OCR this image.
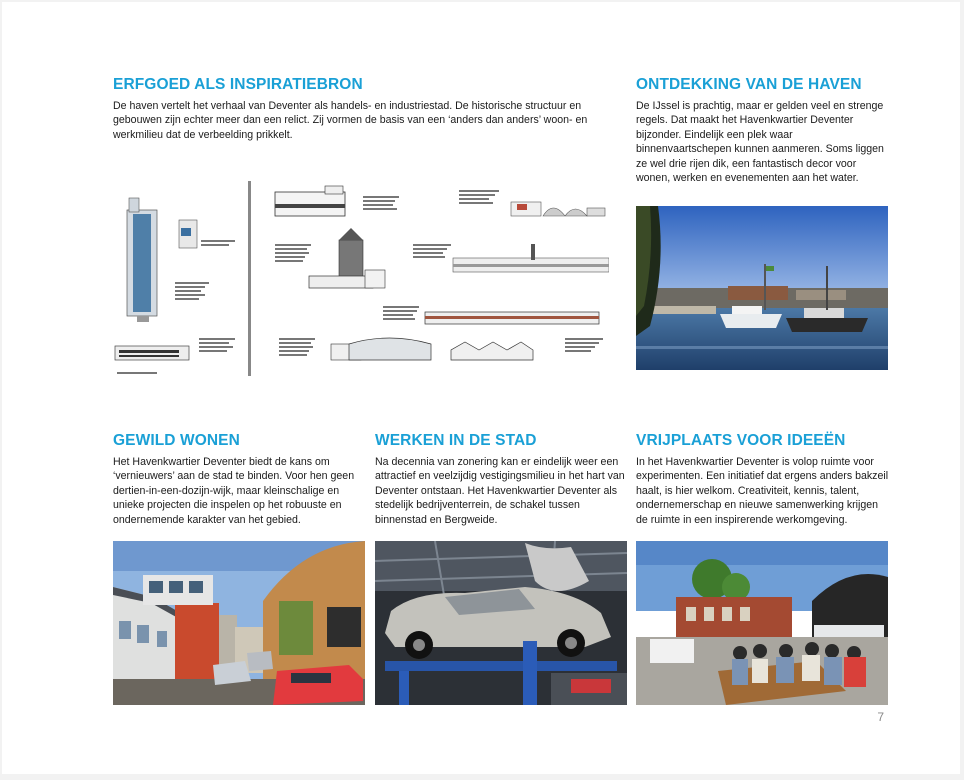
ERFGOED ALS INSPIRATIEBRON

De haven vertelt het verhaal van Deventer als handels- en industriestad. De historische structuur en gebouwen zijn echter meer dan een relict. Zij vormen de basis van een ‘anders dan anders’ woon- en werkmilieu dat de verbeelding prikkelt.

ONTDEKKING VAN DE HAVEN

De IJssel is prachtig, maar er gelden veel en strenge regels. Dat maakt het Havenkwartier Deventer bijzonder. Eindelijk een plek waar binnenvaartschepen kunnen aanmeren. Soms liggen ze wel drie rijen dik, een fantastisch decor voor wonen, werken en evenementen aan het water.

GEWILD WONEN

Het Havenkwartier Deventer biedt de kans om ‘vernieuwers’ aan de stad te binden. Voor hen geen dertien-in-een-dozijn-wijk, maar kleinschalige en unieke projecten die inspelen op het robuuste en ondernemende karakter van het gebied.

WERKEN IN DE STAD

Na decennia van zonering kan er eindelijk weer een attractief en veelzijdig vestigingsmilieu in het hart van Deventer ontstaan. Het Havenkwartier Deventer als stedelijk bedrijventerrein, de schakel tussen binnenstad en Bergweide.

VRIJPLAATS VOOR IDEEËN

In het Havenkwartier Deventer is volop ruimte voor experimenten. Een initiatief dat ergens anders bakzeil haalt, is hier welkom. Creativiteit, kennis, talent, ondernemerschap en nieuwe samenwerking krijgen de ruimte in een inspirerende werkomgeving.

7
